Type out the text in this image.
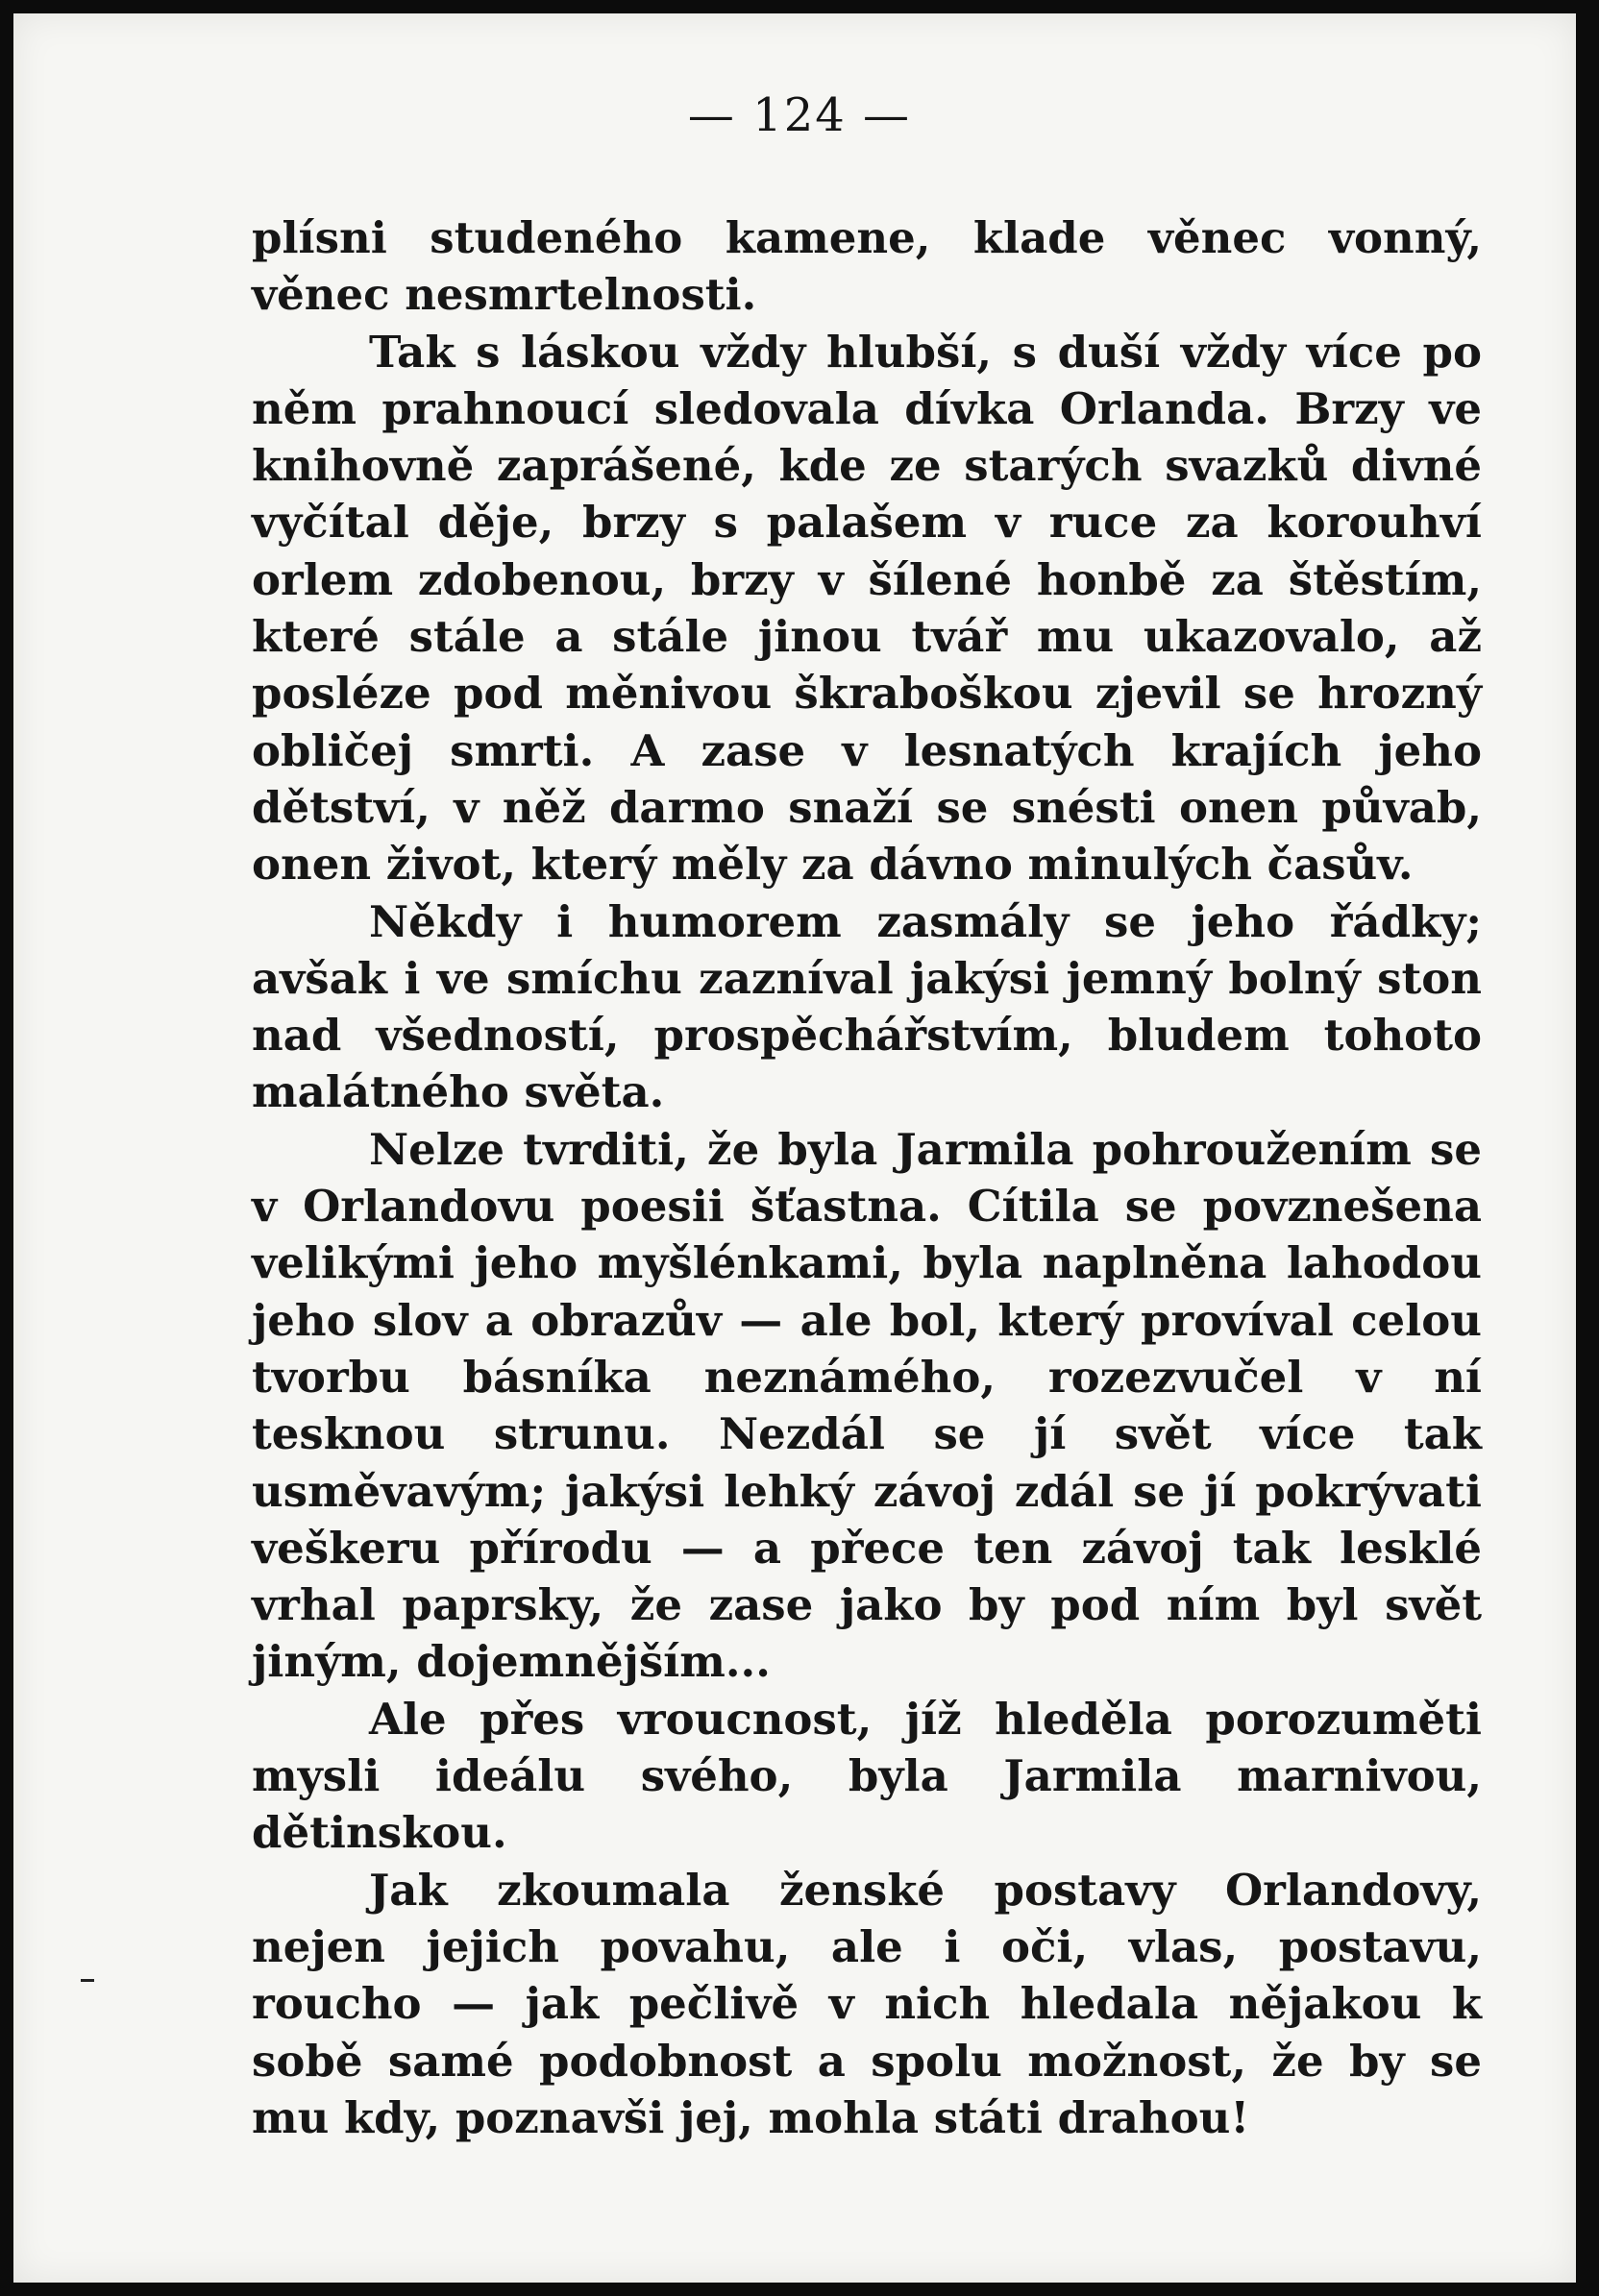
— 124 —

plísni studeného kamene, klade věnec vonný, věnec nesmrtelnosti.

Tak s láskou vždy hlubší, s duší vždy více po něm prahnoucí sledovala dívka Orlanda. Brzy ve knihovně zaprášené, kde ze starých svazků divné vyčítal děje, brzy s palašem v ruce za korouhví orlem zdobenou, brzy v šílené honbě za štěstím, které stále a stále jinou tvář mu ukazovalo, až posléze pod měnivou škraboškou zjevil se hrozný obličej smrti. A zase v lesnatých krajích jeho dětství, v něž darmo snaží se snésti onen půvab, onen život, který měly za dávno minulých časův.

Někdy i humorem zasmály se jeho řádky; avšak i ve smíchu zazníval jakýsi jemný bolný ston nad všedností, prospěchářstvím, bludem tohoto malátného světa.

Nelze tvrditi, že byla Jarmila pohroužením se v Orlandovu poesii šťastna. Cítila se povznešena velikými jeho myšlénkami, byla naplněna lahodou jeho slov a obrazův — ale bol, který províval celou tvorbu básníka neznámého, rozezvučel v ní tesknou strunu. Nezdál se jí svět více tak usměvavým; jakýsi lehký závoj zdál se jí pokrývati veškeru přírodu — a přece ten závoj tak lesklé vrhal paprsky, že zase jako by pod ním byl svět jiným, dojemnějším...

Ale přes vroucnost, jíž hleděla porozuměti mysli ideálu svého, byla Jarmila marnivou, dětinskou.

Jak zkoumala ženské postavy Orlandovy, nejen jejich povahu, ale i oči, vlas, postavu, roucho — jak pečlivě v nich hledala nějakou k sobě samé podobnost a spolu možnost, že by se mu kdy, poznavši jej, mohla státi drahou!
